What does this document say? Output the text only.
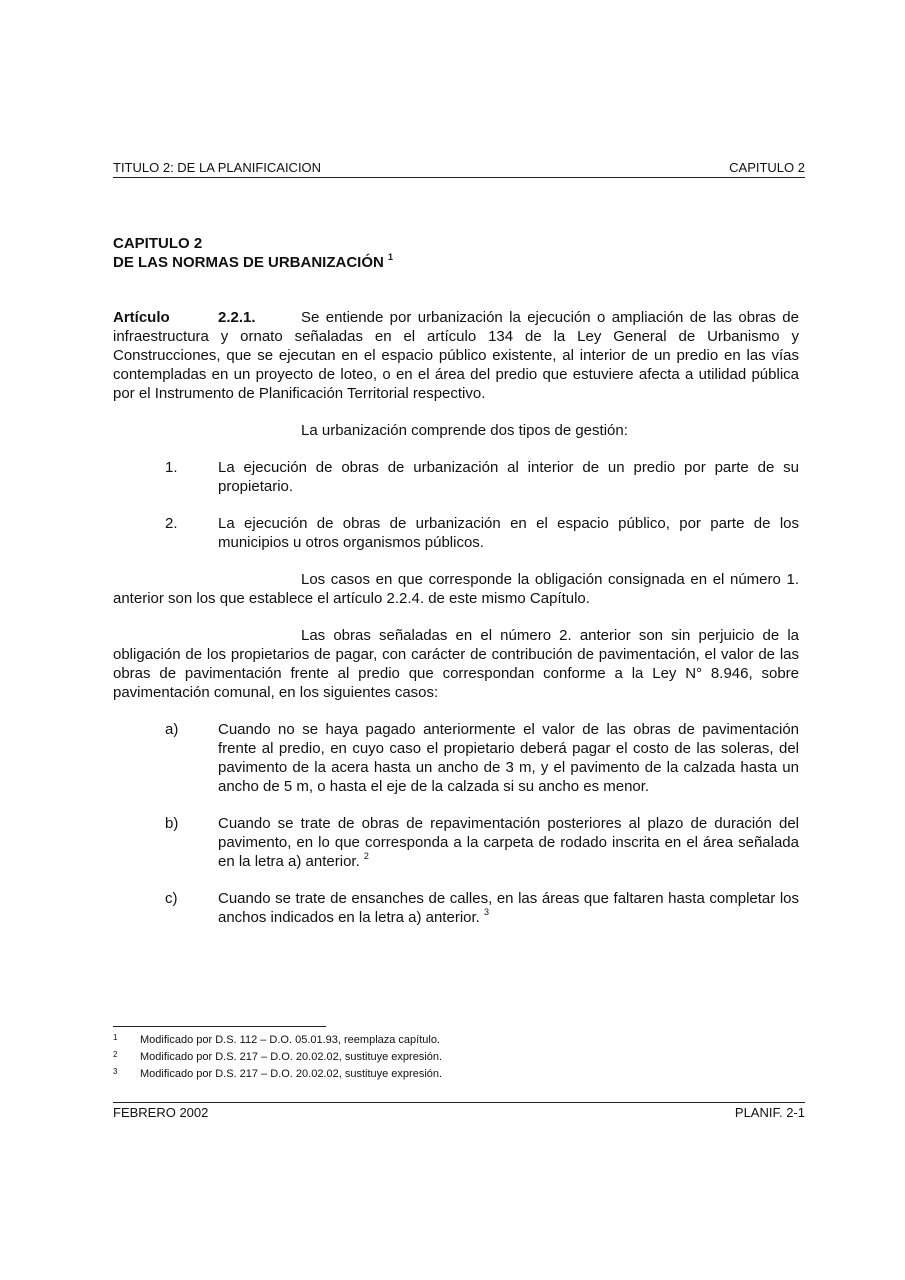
TITULO 2: DE LA PLANIFICAICION	CAPITULO 2
CAPITULO 2
DE LAS NORMAS DE URBANIZACIÓN $^1$

Artículo	2.2.1.	Se entiende por urbanización la ejecución o ampliación de las obras de infraestructura y ornato señaladas en el artículo 134 de la Ley General de Urbanismo y Construcciones, que se ejecutan en el espacio público existente, al interior de un predio en las vías contempladas en un proyecto de loteo, o en el área del predio que estuviere afecta a utilidad pública por el Instrumento de Planificación Territorial respectivo.

La urbanización comprende dos tipos de gestión:

1.	La ejecución de obras de urbanización al interior de un predio por parte de su propietario.
2.	La ejecución de obras de urbanización en el espacio público, por parte de los municipios u otros organismos públicos.

Los casos en que corresponde la obligación consignada en el número 1. anterior son los que establece el artículo 2.2.4. de este mismo Capítulo.

Las obras señaladas en el número 2. anterior son sin perjuicio de la obligación de los propietarios de pagar, con carácter de contribución de pavimentación, el valor de las obras de pavimentación frente al predio que correspondan conforme a la Ley N° 8.946, sobre pavimentación comunal, en los siguientes casos:

a)	Cuando no se haya pagado anteriormente el valor de las obras de pavimentación frente al predio, en cuyo caso el propietario deberá pagar el costo de las soleras, del pavimento de la acera hasta un ancho de 3 m, y el pavimento de la calzada hasta un ancho de 5 m, o hasta el eje de la calzada si su ancho es menor.
b)	Cuando se trate de obras de repavimentación posteriores al plazo de duración del pavimento, en lo que corresponda a la carpeta de rodado inscrita en el área señalada en la letra a) anterior. $^2$
c)	Cuando se trate de ensanches de calles, en las áreas que faltaren hasta completar los anchos indicados en la letra a) anterior. $^3$
1	Modificado por D.S. 112 – D.O. 05.01.93, reemplaza capítulo.
2	Modificado por D.S. 217 – D.O. 20.02.02, sustituye expresión.
3	Modificado por D.S. 217 – D.O. 20.02.02, sustituye expresión.
FEBRERO 2002	PLANIF. 2-1
